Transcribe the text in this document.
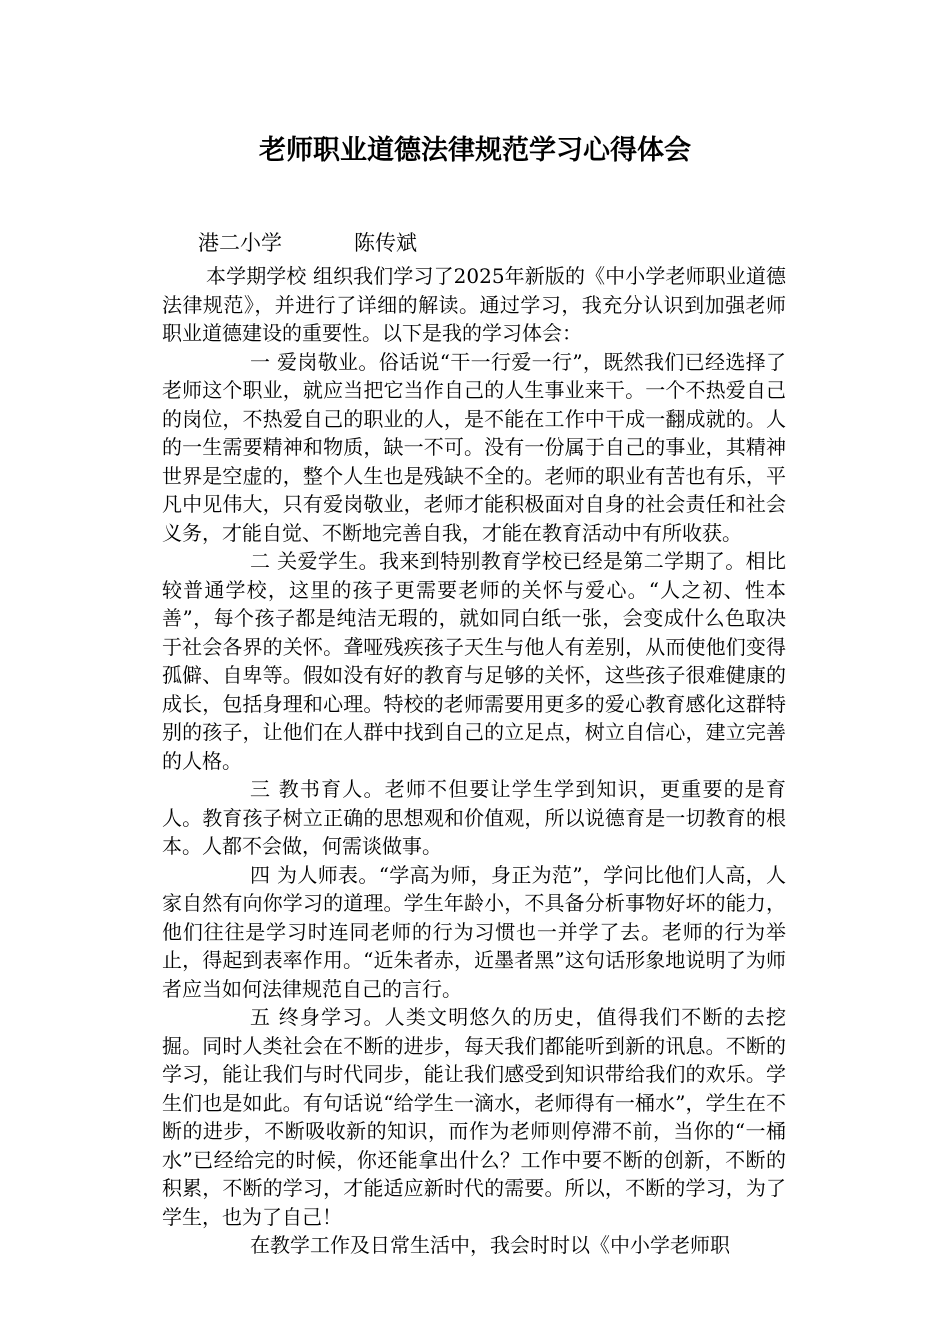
老师职业道德法律规范学习心得体会
港二小学	陈传斌

本学期学校 组织我们学习了2025年新版的《中小学老师职业道德法律规范》，并进行了详细的解读。通过学习，我充分认识到加强老师职业道德建设的重要性。以下是我的学习体会：

一 爱岗敬业。俗话说“干一行爱一行”，既然我们已经选择了老师这个职业，就应当把它当作自己的人生事业来干。一个不热爱自己的岗位，不热爱自己的职业的人，是不能在工作中干成一翻成就的。人的一生需要精神和物质，缺一不可。没有一份属于自己的事业，其精神世界是空虚的，整个人生也是残缺不全的。老师的职业有苦也有乐，平凡中见伟大，只有爱岗敬业，老师才能积极面对自身的社会责任和社会义务，才能自觉、不断地完善自我，才能在教育活动中有所收获。

二 关爱学生。我来到特别教育学校已经是第二学期了。相比较普通学校，这里的孩子更需要老师的关怀与爱心。“人之初、性本善”，每个孩子都是纯洁无瑕的，就如同白纸一张，会变成什么色取决于社会各界的关怀。聋哑残疾孩子天生与他人有差别，从而使他们变得孤僻、自卑等。假如没有好的教育与足够的关怀，这些孩子很难健康的成长，包括身理和心理。特校的老师需要用更多的爱心教育感化这群特别的孩子，让他们在人群中找到自己的立足点，树立自信心，建立完善的人格。

三 教书育人。老师不但要让学生学到知识，更重要的是育人。教育孩子树立正确的思想观和价值观，所以说德育是一切教育的根本。人都不会做，何需谈做事。

四 为人师表。“学高为师，身正为范”，学问比他们人高，人家自然有向你学习的道理。学生年龄小，不具备分析事物好坏的能力，他们往往是学习时连同老师的行为习惯也一并学了去。老师的行为举止，得起到表率作用。“近朱者赤，近墨者黑”这句话形象地说明了为师者应当如何法律规范自己的言行。

五 终身学习。人类文明悠久的历史，值得我们不断的去挖掘。同时人类社会在不断的进步，每天我们都能听到新的讯息。不断的学习，能让我们与时代同步，能让我们感受到知识带给我们的欢乐。学生们也是如此。有句话说“给学生一滴水，老师得有一桶水”，学生在不断的进步，不断吸收新的知识，而作为老师则停滞不前，当你的“一桶水”已经给完的时候，你还能拿出什么？工作中要不断的创新，不断的积累，不断的学习，才能适应新时代的需要。所以，不断的学习，为了学生，也为了自己！

在教学工作及日常生活中，我会时时以《中小学老师职
